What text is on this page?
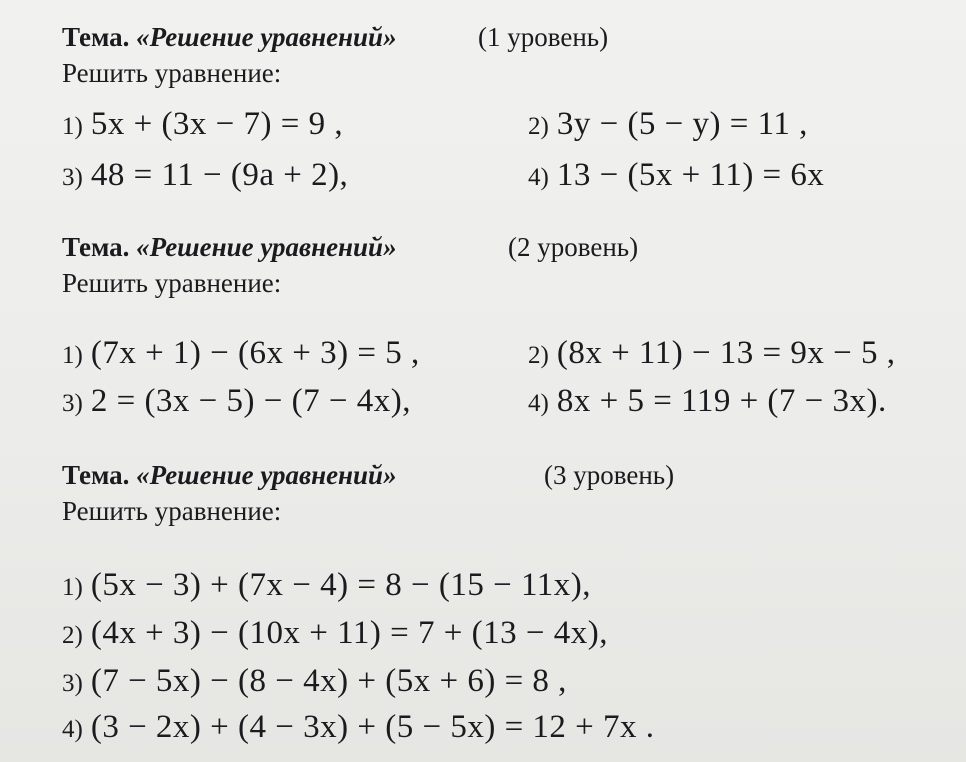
Тема. «Решение уравнений»	(1 уровень)
Решить уравнение:
1) 5x + (3x − 7) = 9 ,	2) 3y − (5 − y) = 11 ,
3) 48 = 11 − (9a + 2),	4) 13 − (5x + 11) = 6x
Тема. «Решение уравнений»	(2 уровень)
Решить уравнение:
1) (7x + 1) − (6x + 3) = 5 ,	2) (8x + 11) − 13 = 9x − 5 ,
3) 2 = (3x − 5) − (7 − 4x),	4) 8x + 5 = 119 + (7 − 3x).
Тема. «Решение уравнений»	(3 уровень)
Решить уравнение:
1) (5x − 3) + (7x − 4) = 8 − (15 − 11x),
2) (4x + 3) − (10x + 11) = 7 + (13 − 4x),
3) (7 − 5x) − (8 − 4x) + (5x + 6) = 8 ,
4) (3 − 2x) + (4 − 3x) + (5 − 5x) = 12 + 7x .
